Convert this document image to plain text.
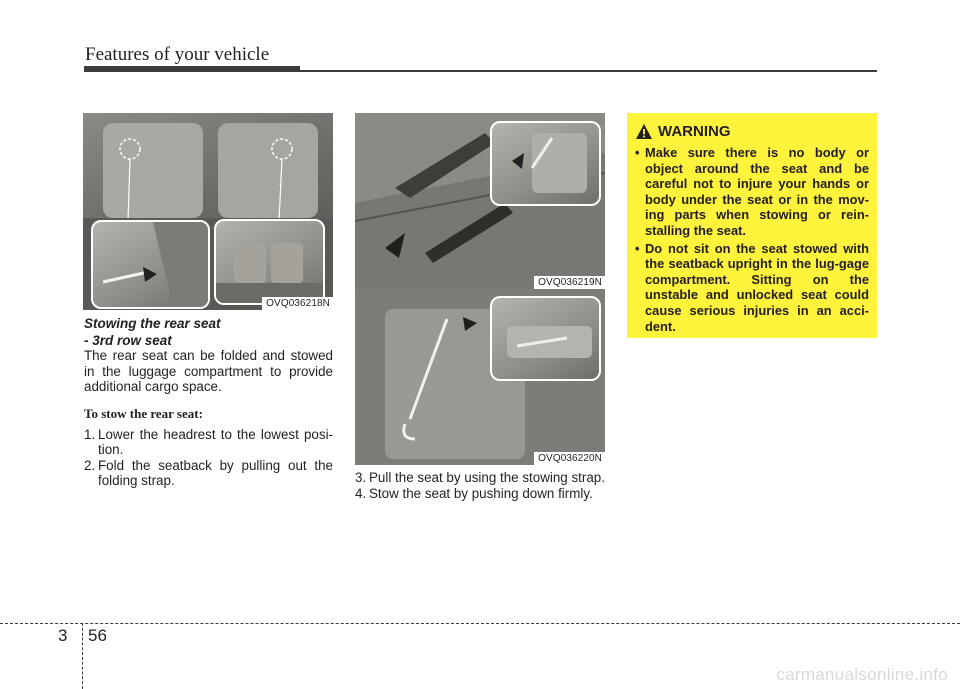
Features of your vehicle
OVQ036218N
OVQ036219N
OVQ036220N
Stowing the rear seat
- 3rd row seat

The rear seat can be folded and stowed in the luggage compartment to provide additional cargo space.

To stow the rear seat:
1. Lower the headrest to the lowest posi-tion.
2. Fold the seatback by pulling out the folding strap.	3. Pull the seat by using the stowing strap.
4. Stow the seat by pushing down firmly.
WARNING
• Make sure there is no body or object around the seat and be careful not to injure your hands or body under the seat or in the mov-ing parts when stowing or rein-stalling the seat.
• Do not sit on the seat stowed with the seatback upright in the lug-gage compartment. Sitting on the unstable and unlocked seat could cause serious injuries in an acci-dent.
3 56
carmanualsonline.info
